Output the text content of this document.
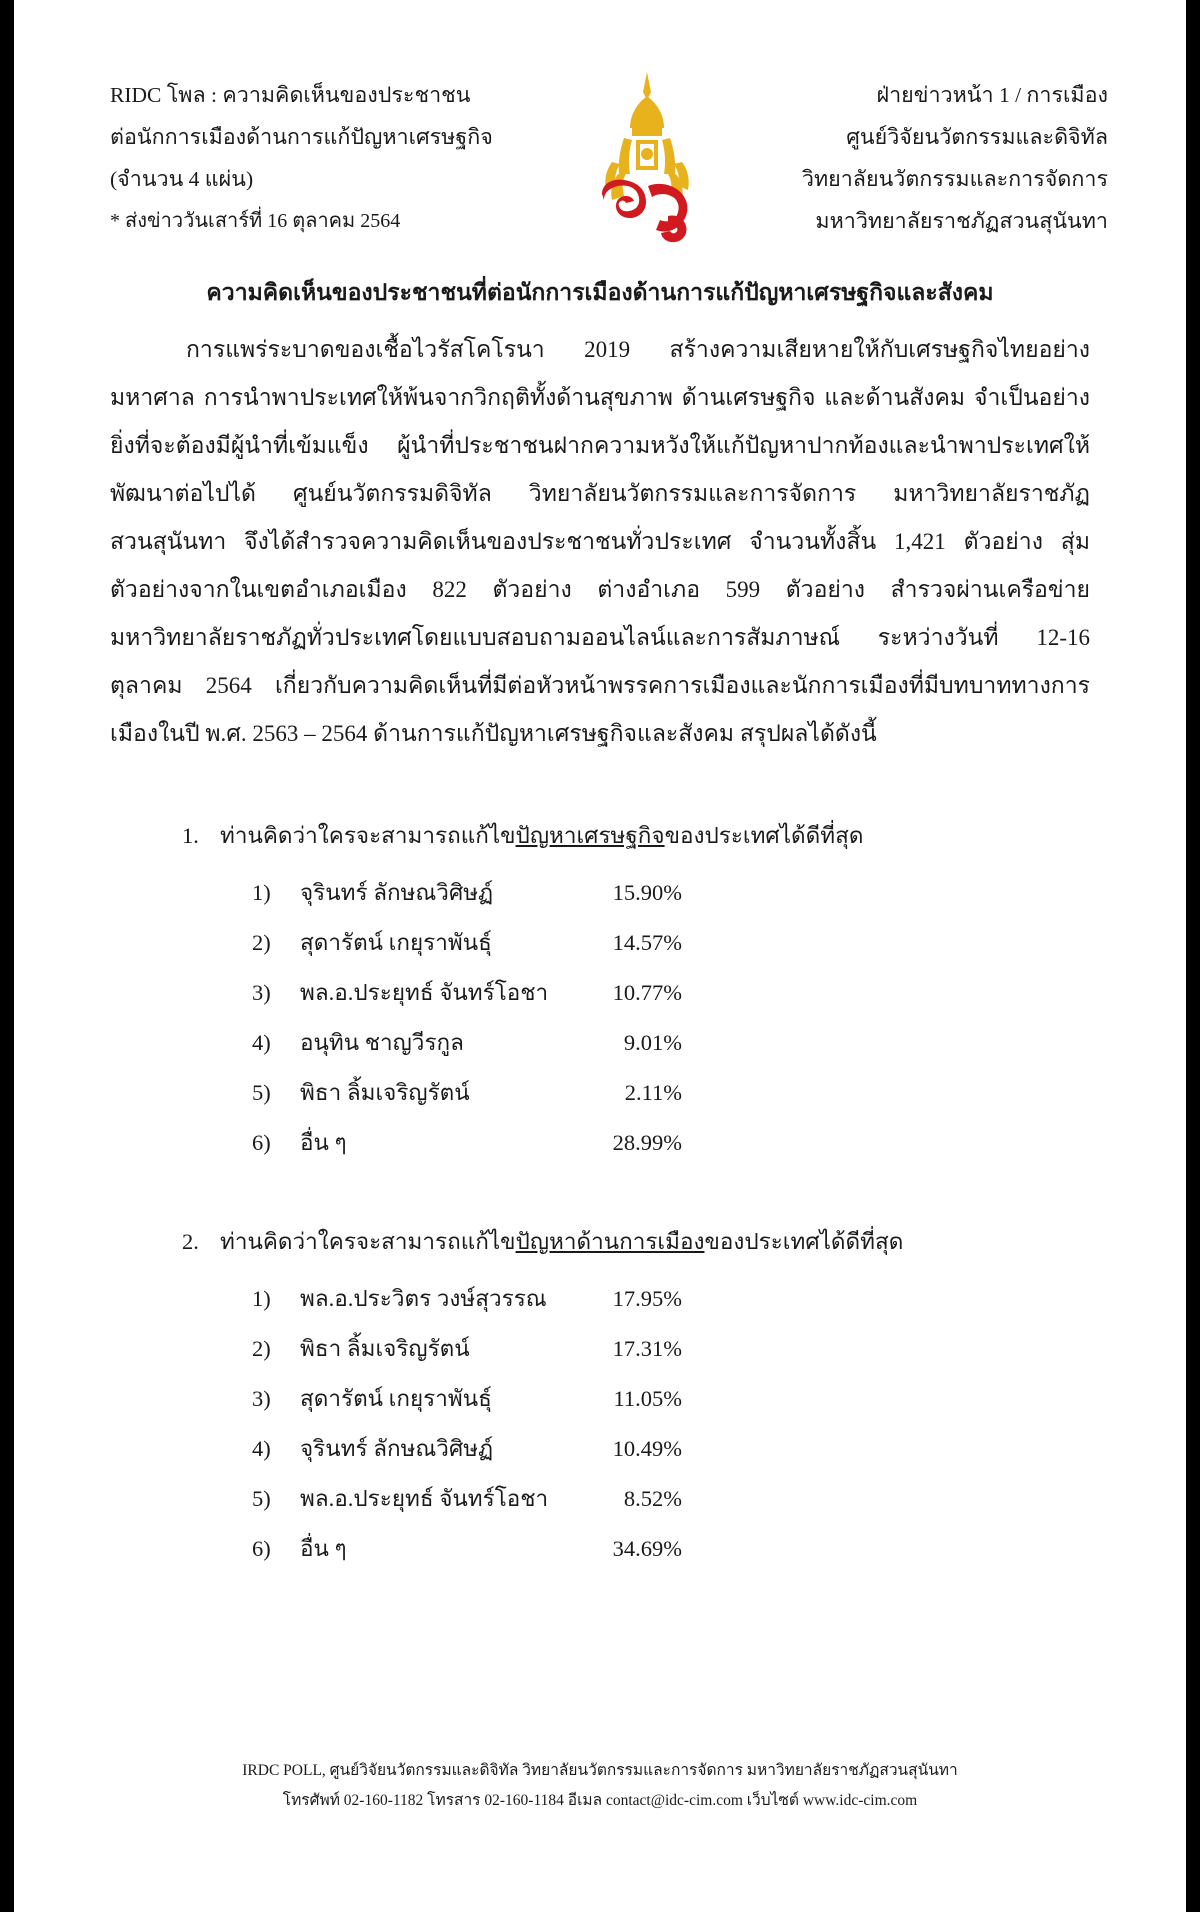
RIDC โพล : ความคิดเห็นของประชาชน
ต่อนักการเมืองด้านการแก้ปัญหาเศรษฐกิจ
(จำนวน 4 แผ่น)
* ส่งข่าววันเสาร์ที่ 16 ตุลาคม 2564
ฝ่ายข่าวหน้า 1 / การเมือง
ศูนย์วิจัยนวัตกรรมและดิจิทัล
วิทยาลัยนวัตกรรมและการจัดการ
มหาวิทยาลัยราชภัฏสวนสุนันทา
ความคิดเห็นของประชาชนที่ต่อนักการเมืองด้านการแก้ปัญหาเศรษฐกิจและสังคม
การแพร่ระบาดของเชื้อไวรัสโคโรนา 2019 สร้างความเสียหายให้กับเศรษฐกิจไทยอย่างมหาศาล การนำพาประเทศให้พ้นจากวิกฤติทั้งด้านสุขภาพ ด้านเศรษฐกิจ และด้านสังคม จำเป็นอย่างยิ่งที่จะต้องมีผู้นำที่เข้มแข็ง ผู้นำที่ประชาชนฝากความหวังให้แก้ปัญหาปากท้องและนำพาประเทศให้พัฒนาต่อไปได้ ศูนย์นวัตกรรมดิจิทัล วิทยาลัยนวัตกรรมและการจัดการ มหาวิทยาลัยราชภัฏสวนสุนันทา จึงได้สำรวจความคิดเห็นของประชาชนทั่วประเทศ จำนวนทั้งสิ้น 1,421 ตัวอย่าง สุ่มตัวอย่างจากในเขตอำเภอเมือง 822 ตัวอย่าง ต่างอำเภอ 599 ตัวอย่าง สำรวจผ่านเครือข่ายมหาวิทยาลัยราชภัฏทั่วประเทศโดยแบบสอบถามออนไลน์และการสัมภาษณ์ ระหว่างวันที่ 12-16 ตุลาคม 2564 เกี่ยวกับความคิดเห็นที่มีต่อหัวหน้าพรรคการเมืองและนักการเมืองที่มีบทบาททางการเมืองในปี พ.ศ. 2563 – 2564 ด้านการแก้ปัญหาเศรษฐกิจและสังคม สรุปผลได้ดังนี้
1. ท่านคิดว่าใครจะสามารถแก้ไขปัญหาเศรษฐกิจของประเทศได้ดีที่สุด
1)	จุรินทร์ ลักษณวิศิษฏ์	15.90%
2)	สุดารัตน์ เกยุราพันธุ์	14.57%
3)	พล.อ.ประยุทธ์ จันทร์โอชา	10.77%
4)	อนุทิน ชาญวีรกูล	9.01%
5)	พิธา ลิ้มเจริญรัตน์	2.11%
6)	อื่น ๆ	28.99%
2. ท่านคิดว่าใครจะสามารถแก้ไขปัญหาด้านการเมืองของประเทศได้ดีที่สุด
1)	พล.อ.ประวิตร วงษ์สุวรรณ	17.95%
2)	พิธา ลิ้มเจริญรัตน์	17.31%
3)	สุดารัตน์ เกยุราพันธุ์	11.05%
4)	จุรินทร์ ลักษณวิศิษฏ์	10.49%
5)	พล.อ.ประยุทธ์ จันทร์โอชา	8.52%
6)	อื่น ๆ	34.69%
IRDC POLL, ศูนย์วิจัยนวัตกรรมและดิจิทัล วิทยาลัยนวัตกรรมและการจัดการ มหาวิทยาลัยราชภัฏสวนสุนันทา
โทรศัพท์ 02-160-1182 โทรสาร 02-160-1184 อีเมล contact@idc-cim.com เว็บไซต์ www.idc-cim.com
